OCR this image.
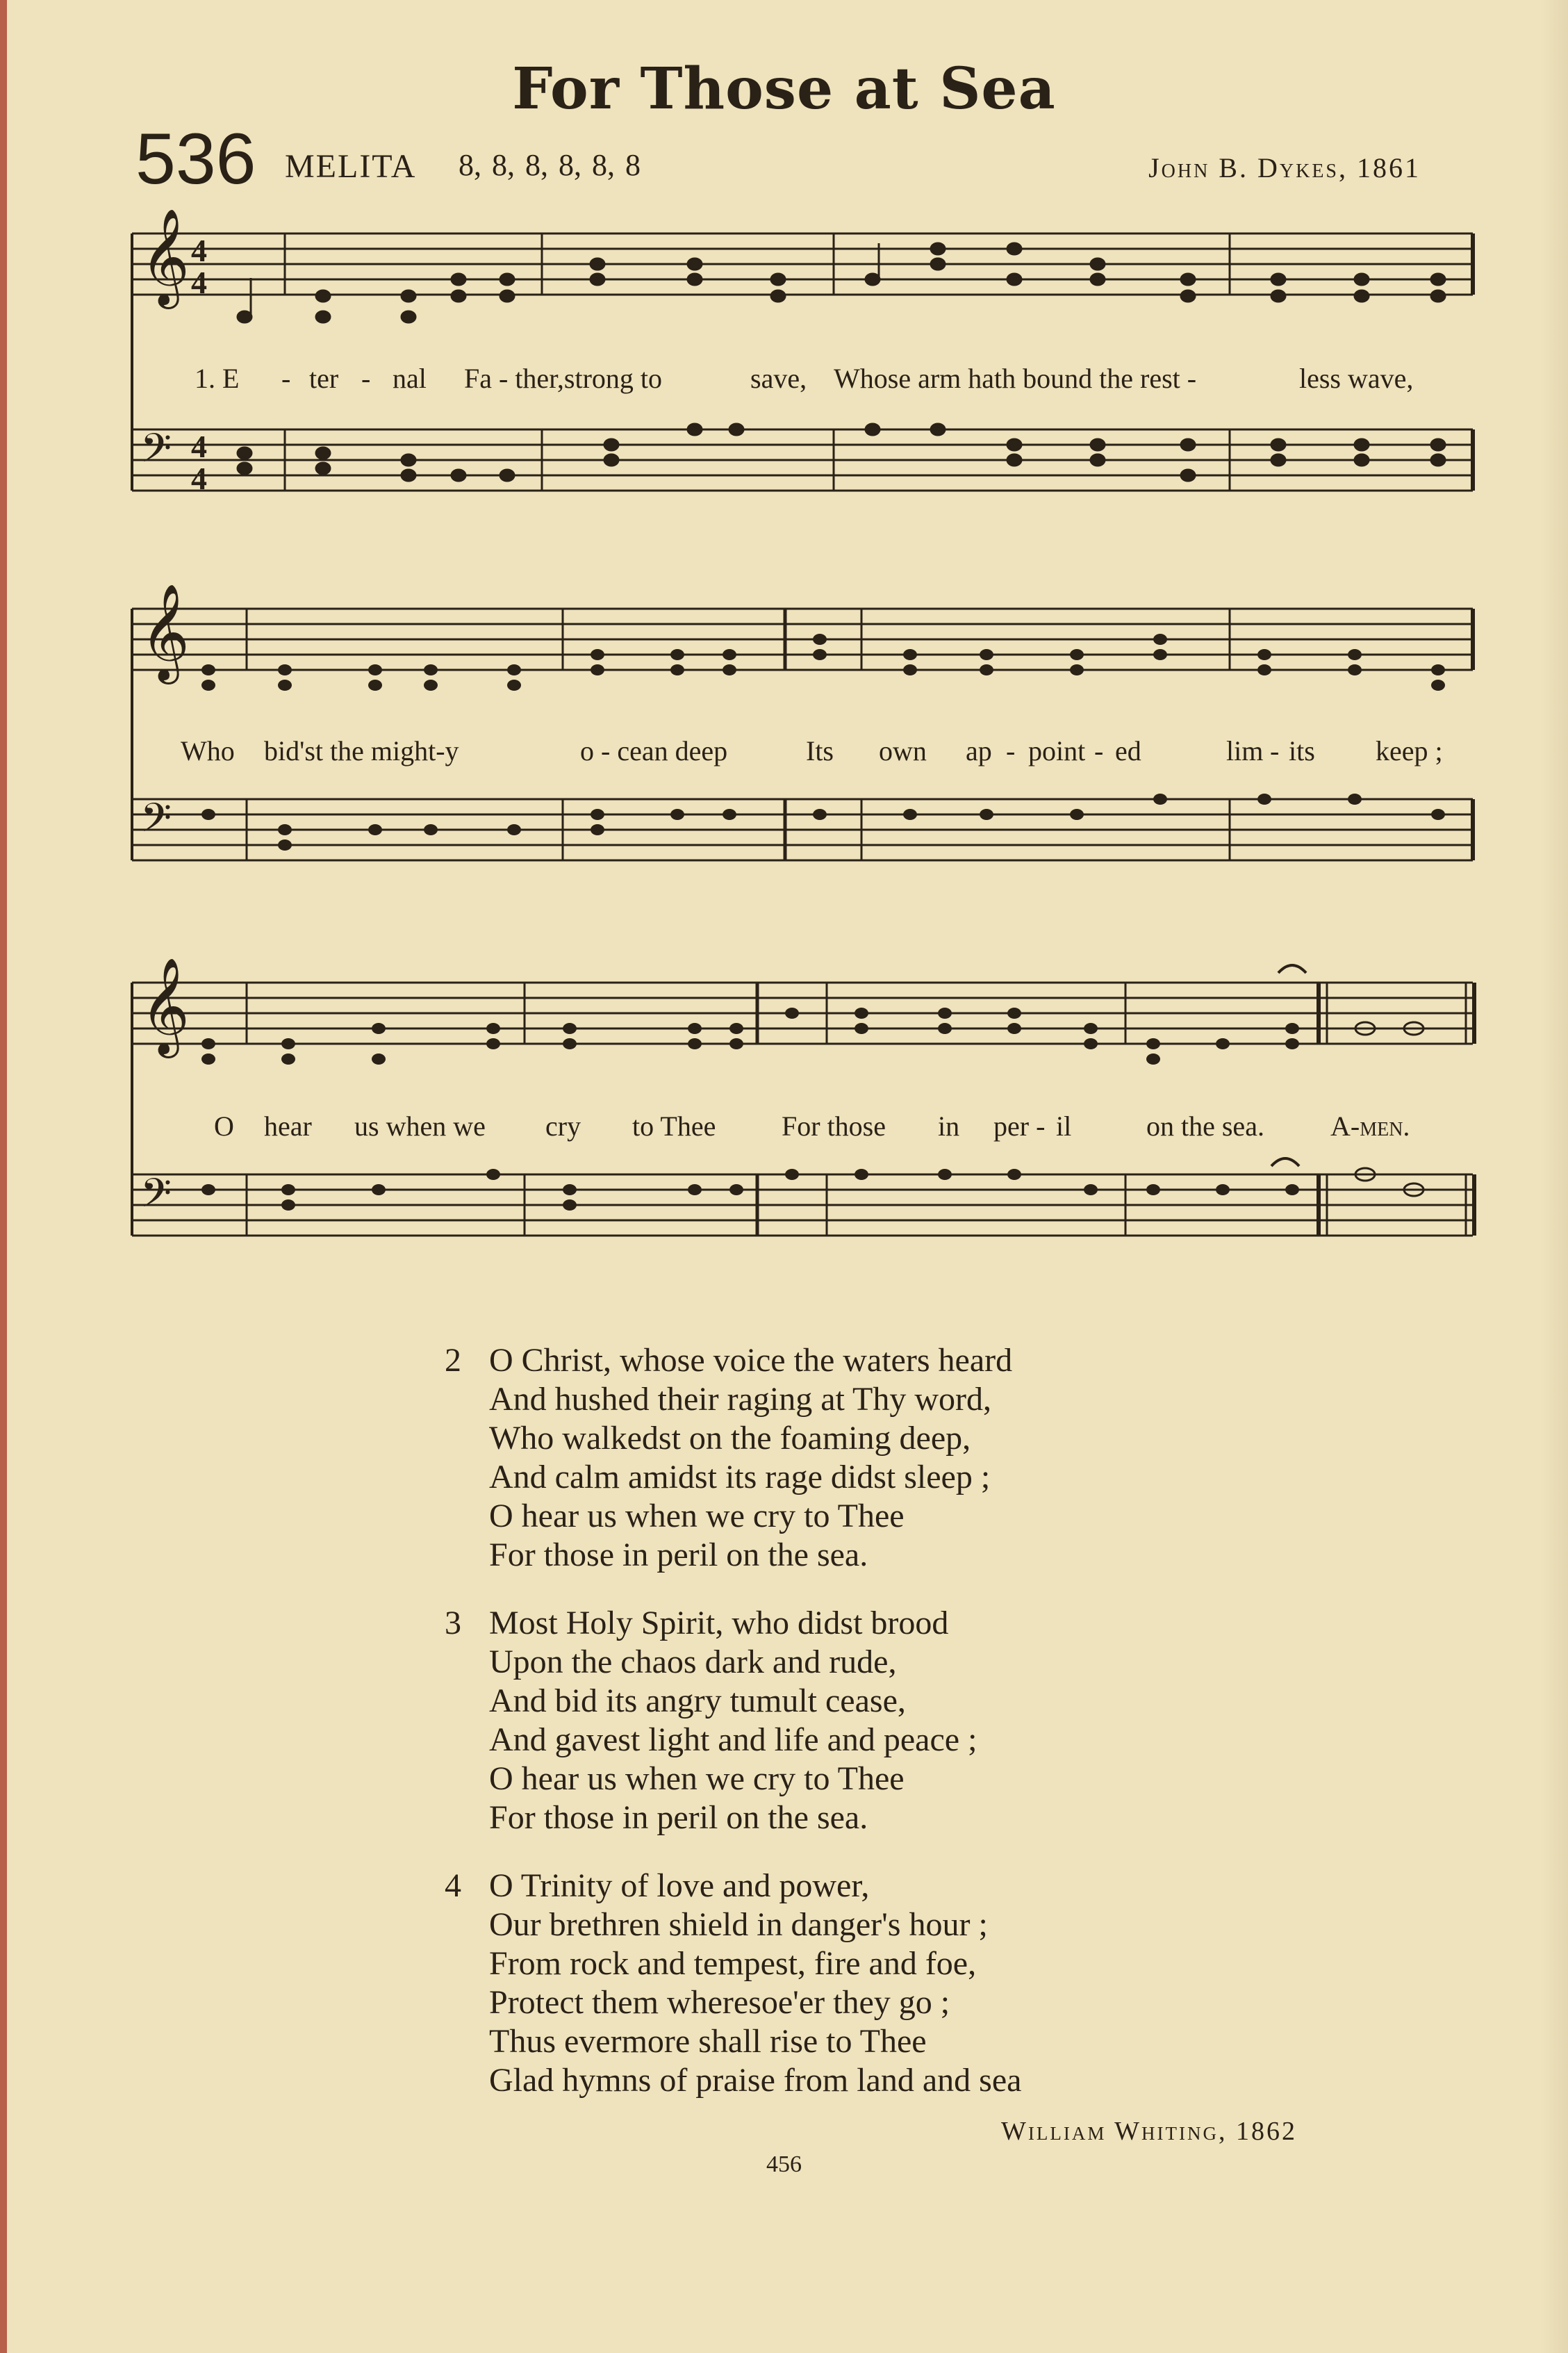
For Those at Sea
536 MELITA 8, 8, 8, 8, 8, 8	John B. Dykes, 1861
𝄞
𝄢
4
4
4
4
1. E - ter - nal Fa - ther,strong to	save, Whose arm hath bound the rest -	less wave,
𝄞
𝄢
Who bid'st the might-y	o - cean deep	Its own ap - point - ed	lim - its keep ;
𝄞
𝄢
O hear us when we cry to Thee For those in per - il	on the sea. A-men.
2 O Christ, whose voice the waters heard
And hushed their raging at Thy word,
Who walkedst on the foaming deep,
And calm amidst its rage didst sleep ;
O hear us when we cry to Thee
For those in peril on the sea.
3 Most Holy Spirit, who didst brood
Upon the chaos dark and rude,
And bid its angry tumult cease,
And gavest light and life and peace ;
O hear us when we cry to Thee
For those in peril on the sea.
4 O Trinity of love and power,
Our brethren shield in danger's hour ;
From rock and tempest, fire and foe,
Protect them wheresoe'er they go ;
Thus evermore shall rise to Thee
Glad hymns of praise from land and sea
William Whiting, 1862
456
